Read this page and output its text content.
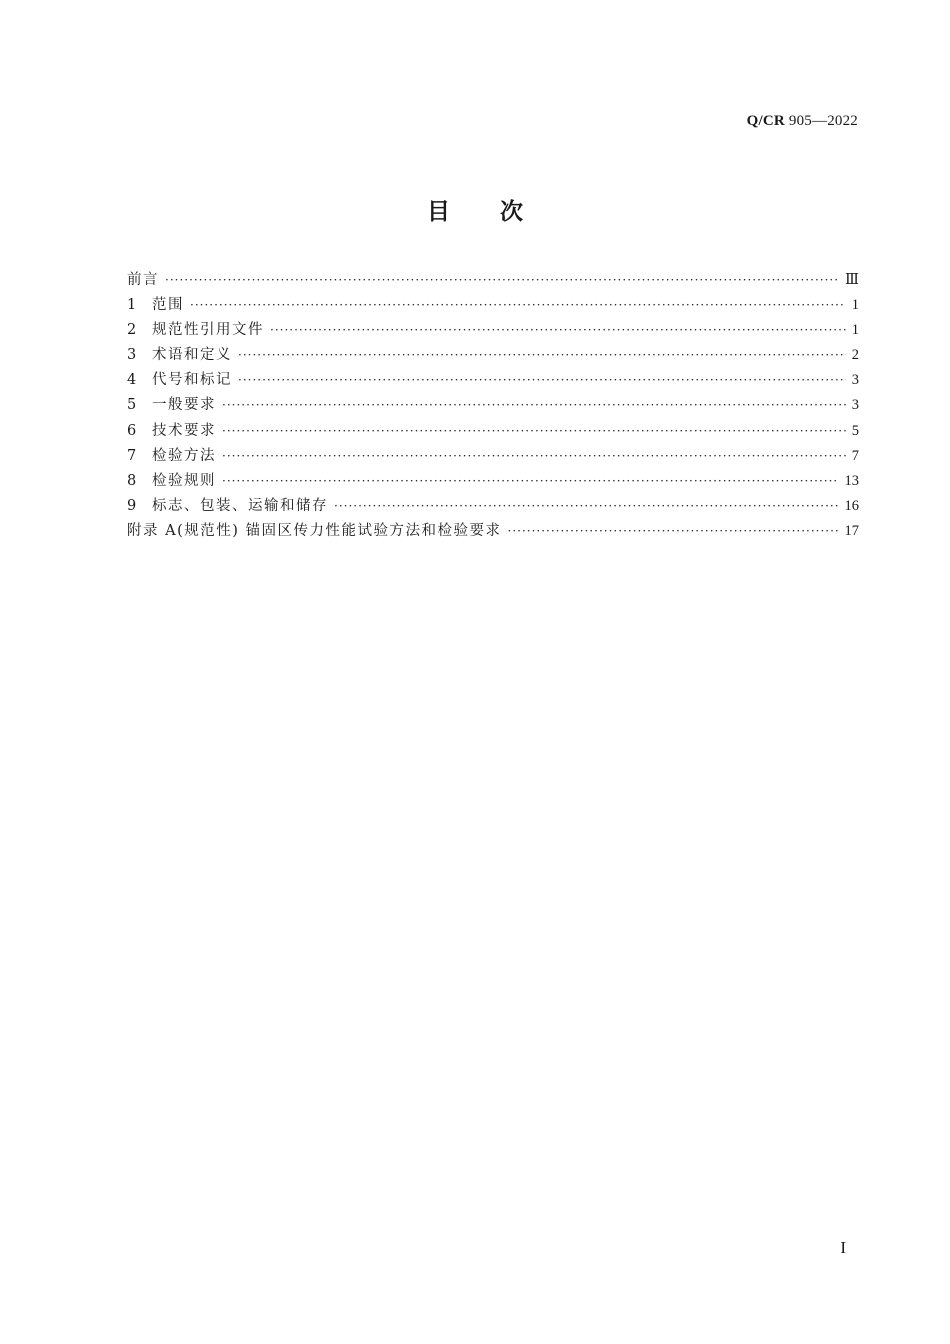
Q/CR 905—2022
目次
前言 ·····	Ⅲ
1	范围 ·····	1
2	规范性引用文件 ·····	1
3	术语和定义 ·····	2
4	代号和标记 ·····	3
5	一般要求 ·····	3
6	技术要求 ·····	5
7	检验方法 ·····	7
8	检验规则 ·····	13
9	标志、包装、运输和储存 ·····	16
附录 A(规范性) 锚固区传力性能试验方法和检验要求 ·····	17
I
